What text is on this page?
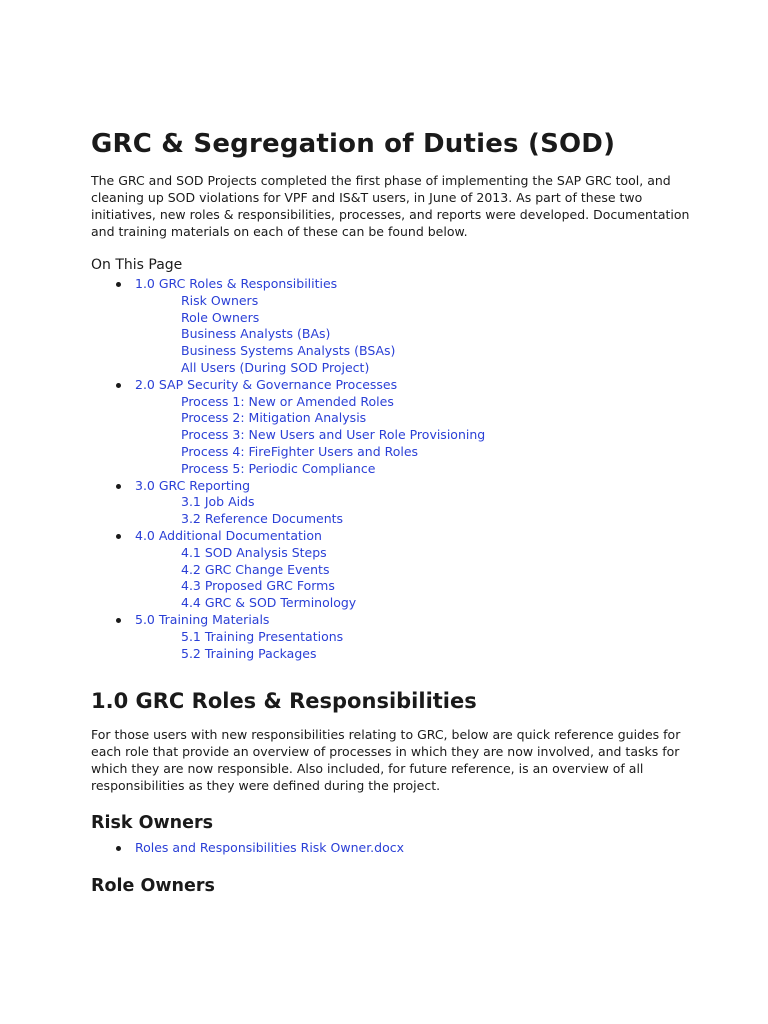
GRC & Segregation of Duties (SOD)

The GRC and SOD Projects completed the first phase of implementing the SAP GRC tool, and cleaning up SOD violations for VPF and IS&T users, in June of 2013. As part of these two initiatives, new roles & responsibilities, processes, and reports were developed. Documentation and training materials on each of these can be found below.

On This Page
1.0 GRC Roles & Responsibilities
Risk Owners
Role Owners
Business Analysts (BAs)
Business Systems Analysts (BSAs)
All Users (During SOD Project)
2.0 SAP Security & Governance Processes
Process 1: New or Amended Roles
Process 2: Mitigation Analysis
Process 3: New Users and User Role Provisioning
Process 4: FireFighter Users and Roles
Process 5: Periodic Compliance
3.0 GRC Reporting
3.1 Job Aids
3.2 Reference Documents
4.0 Additional Documentation
4.1 SOD Analysis Steps
4.2 GRC Change Events
4.3 Proposed GRC Forms
4.4 GRC & SOD Terminology
5.0 Training Materials
5.1 Training Presentations
5.2 Training Packages
1.0 GRC Roles & Responsibilities

For those users with new responsibilities relating to GRC, below are quick reference guides for each role that provide an overview of processes in which they are now involved, and tasks for which they are now responsible. Also included, for future reference, is an overview of all responsibilities as they were defined during the project.

Risk Owners
Roles and Responsibilities Risk Owner.docx
Role Owners
